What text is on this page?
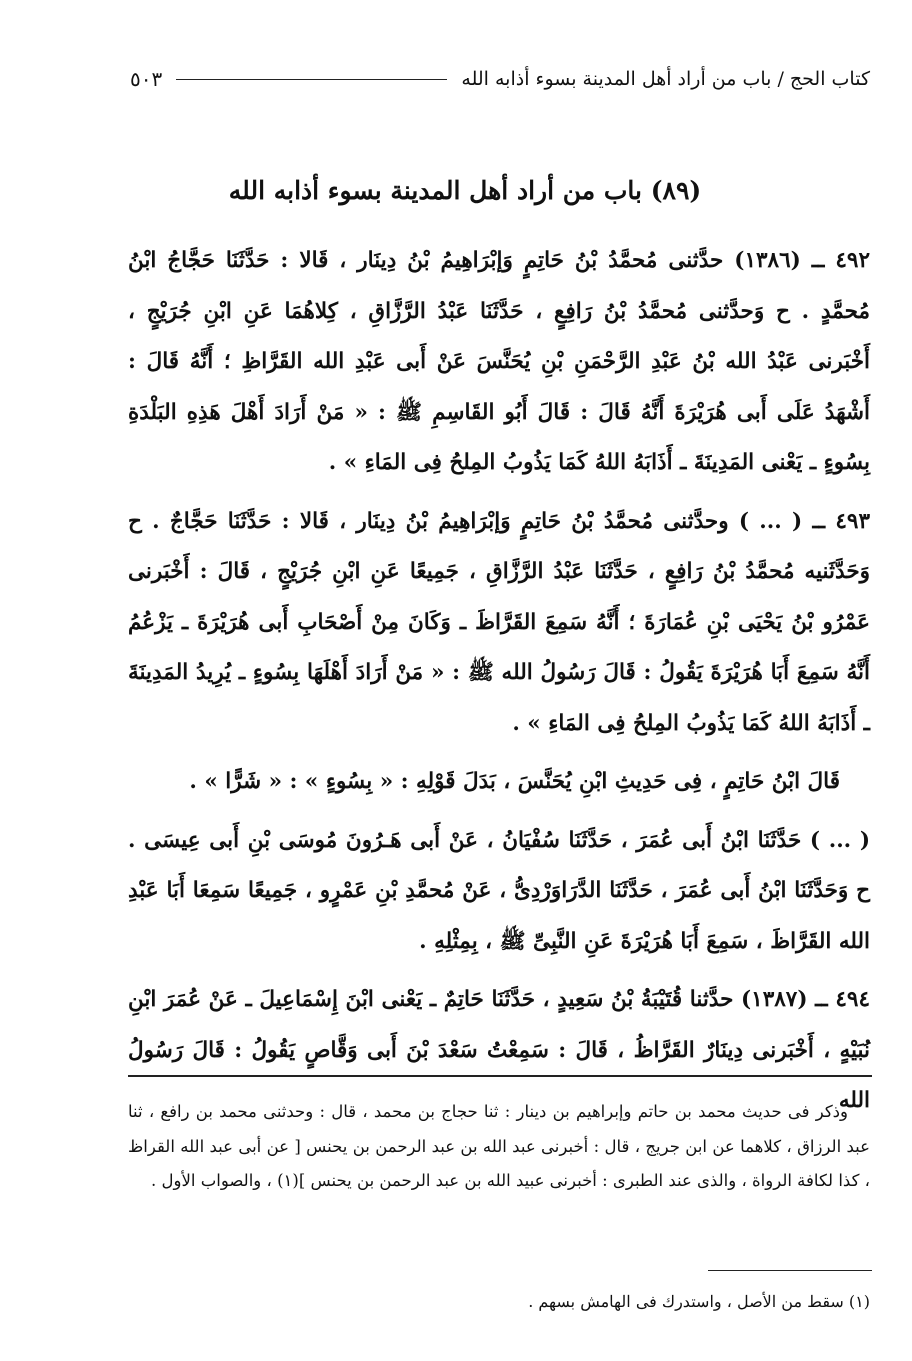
كتاب الحج / باب من أراد أهل المدينة بسوء أذابه الله
٥٠٣
(٨٩) باب من أراد أهل المدينة بسوء أذابه الله

٤٩٢ ــ (١٣٨٦) حدَّثنى مُحمَّدُ بْنُ حَاتِمٍ وَإبْرَاهِيمُ بْنُ دِينَار ، قَالا : حَدَّثَنَا حَجَّاجُ ابْنُ مُحمَّدٍ . ح وَحدَّثنى مُحمَّدُ بْنُ رَافِعٍ ، حَدَّثَنَا عَبْدُ الرَّزَّاقِ ، كِلاهُمَا عَنِ ابْنِ جُرَيْجٍ ، أَخْبَرنى عَبْدُ الله بْنُ عَبْدِ الرَّحْمَنِ بْنِ يُحَنَّسَ عَنْ أَبى عَبْدِ الله القَرَّاظِ ؛ أَنَّهُ قَالَ : أَشْهَدُ عَلَى أَبى هُرَيْرَةَ أَنَّهُ قَالَ : قَالَ أَبُو القَاسِمِ ﷺ : « مَنْ أَرَادَ أَهْلَ هَذِهِ البَلْدَةِ بِسُوءٍ ـ يَعْنى المَدِينَةَ ـ أَذَابَهُ اللهُ كَمَا يَذُوبُ المِلحُ فِى المَاءِ » .

٤٩٣ ــ ( ... ) وحدَّثنى مُحمَّدُ بْنُ حَاتِمٍ وَإبْرَاهِيمُ بْنُ دِينَار ، قَالا : حَدَّثَنَا حَجَّاجٌ . ح وَحَدَّثَنيه مُحمَّدُ بْنُ رَافِعٍ ، حَدَّثَنَا عَبْدُ الرَّزَّاقِ ، جَمِيعًا عَنِ ابْنِ جُرَيْجٍ ، قَالَ : أَخْبَرنى عَمْرُو بْنُ يَحْيَى بْنِ عُمَارَةَ ؛ أَنَّهُ سَمِعَ القَرَّاظَ ـ وَكَانَ مِنْ أَصْحَابِ أَبى هُرَيْرَةَ ـ يَزْعُمُ أَنَّهُ سَمِعَ أَبَا هُرَيْرَةَ يَقُولُ : قَالَ رَسُولُ الله ﷺ : « مَنْ أَرَادَ أَهْلَهَا بِسُوءٍ ـ يُرِيدُ المَدِينَةَ ـ أَذَابَهُ اللهُ كَمَا يَذُوبُ المِلحُ فِى المَاءِ » .

قَالَ ابْنُ حَاتِمٍ ، فِى حَدِيثِ ابْنِ يُحَنَّسَ ، بَدَلَ قَوْلِهِ : « بِسُوءٍ » : « شَرًّا » .

( ... ) حَدَّثَنَا ابْنُ أَبى عُمَرَ ، حَدَّثَنَا سُفْيَانُ ، عَنْ أَبى هَـرُونَ مُوسَى بْنِ أَبى عِيسَى . ح وَحَدَّثَنَا ابْنُ أَبى عُمَرَ ، حَدَّثَنَا الدَّرَاوَرْدِىُّ ، عَنْ مُحمَّدِ بْنِ عَمْرٍو ، جَمِيعًا سَمِعَا أَبَا عَبْدِ الله القَرَّاظَ ، سَمِعَ أَبَا هُرَيْرَةَ عَنِ النَّبِىِّ ﷺ ، بِمِثْلِهِ .

٤٩٤ ــ (١٣٨٧) حدَّثنا قُتَيْبَةُ بْنُ سَعِيدٍ ، حَدَّثَنَا حَاتِمٌ ـ يَعْنى ابْنَ إِسْمَاعِيلَ ـ عَنْ عُمَرَ ابْنِ نُبَيْهٍ ، أَخْبَرنى دِينَارٌ القَرَّاظُ ، قَالَ : سَمِعْتُ سَعْدَ بْنَ أَبى وَقَّاصٍ يَقُولُ : قَالَ رَسُولُ الله

وذكر فى حديث محمد بن حاتم وإبراهيم بن دينار : ثنا حجاج بن محمد ، قال : وحدثنى محمد بن رافع ، ثنا عبد الرزاق ، كلاهما عن ابن جريج ، قال : أخبرنى عبد الله بن عبد الرحمن بن يحنس [ عن أبى عبد الله القراظ ، كذا لكافة الرواة ، والذى عند الطبرى : أخبرنى عبيد الله بن عبد الرحمن بن يحنس ](١) ، والصواب الأول .

(١) سقط من الأصل ، واستدرك فى الهامش بسهم .
